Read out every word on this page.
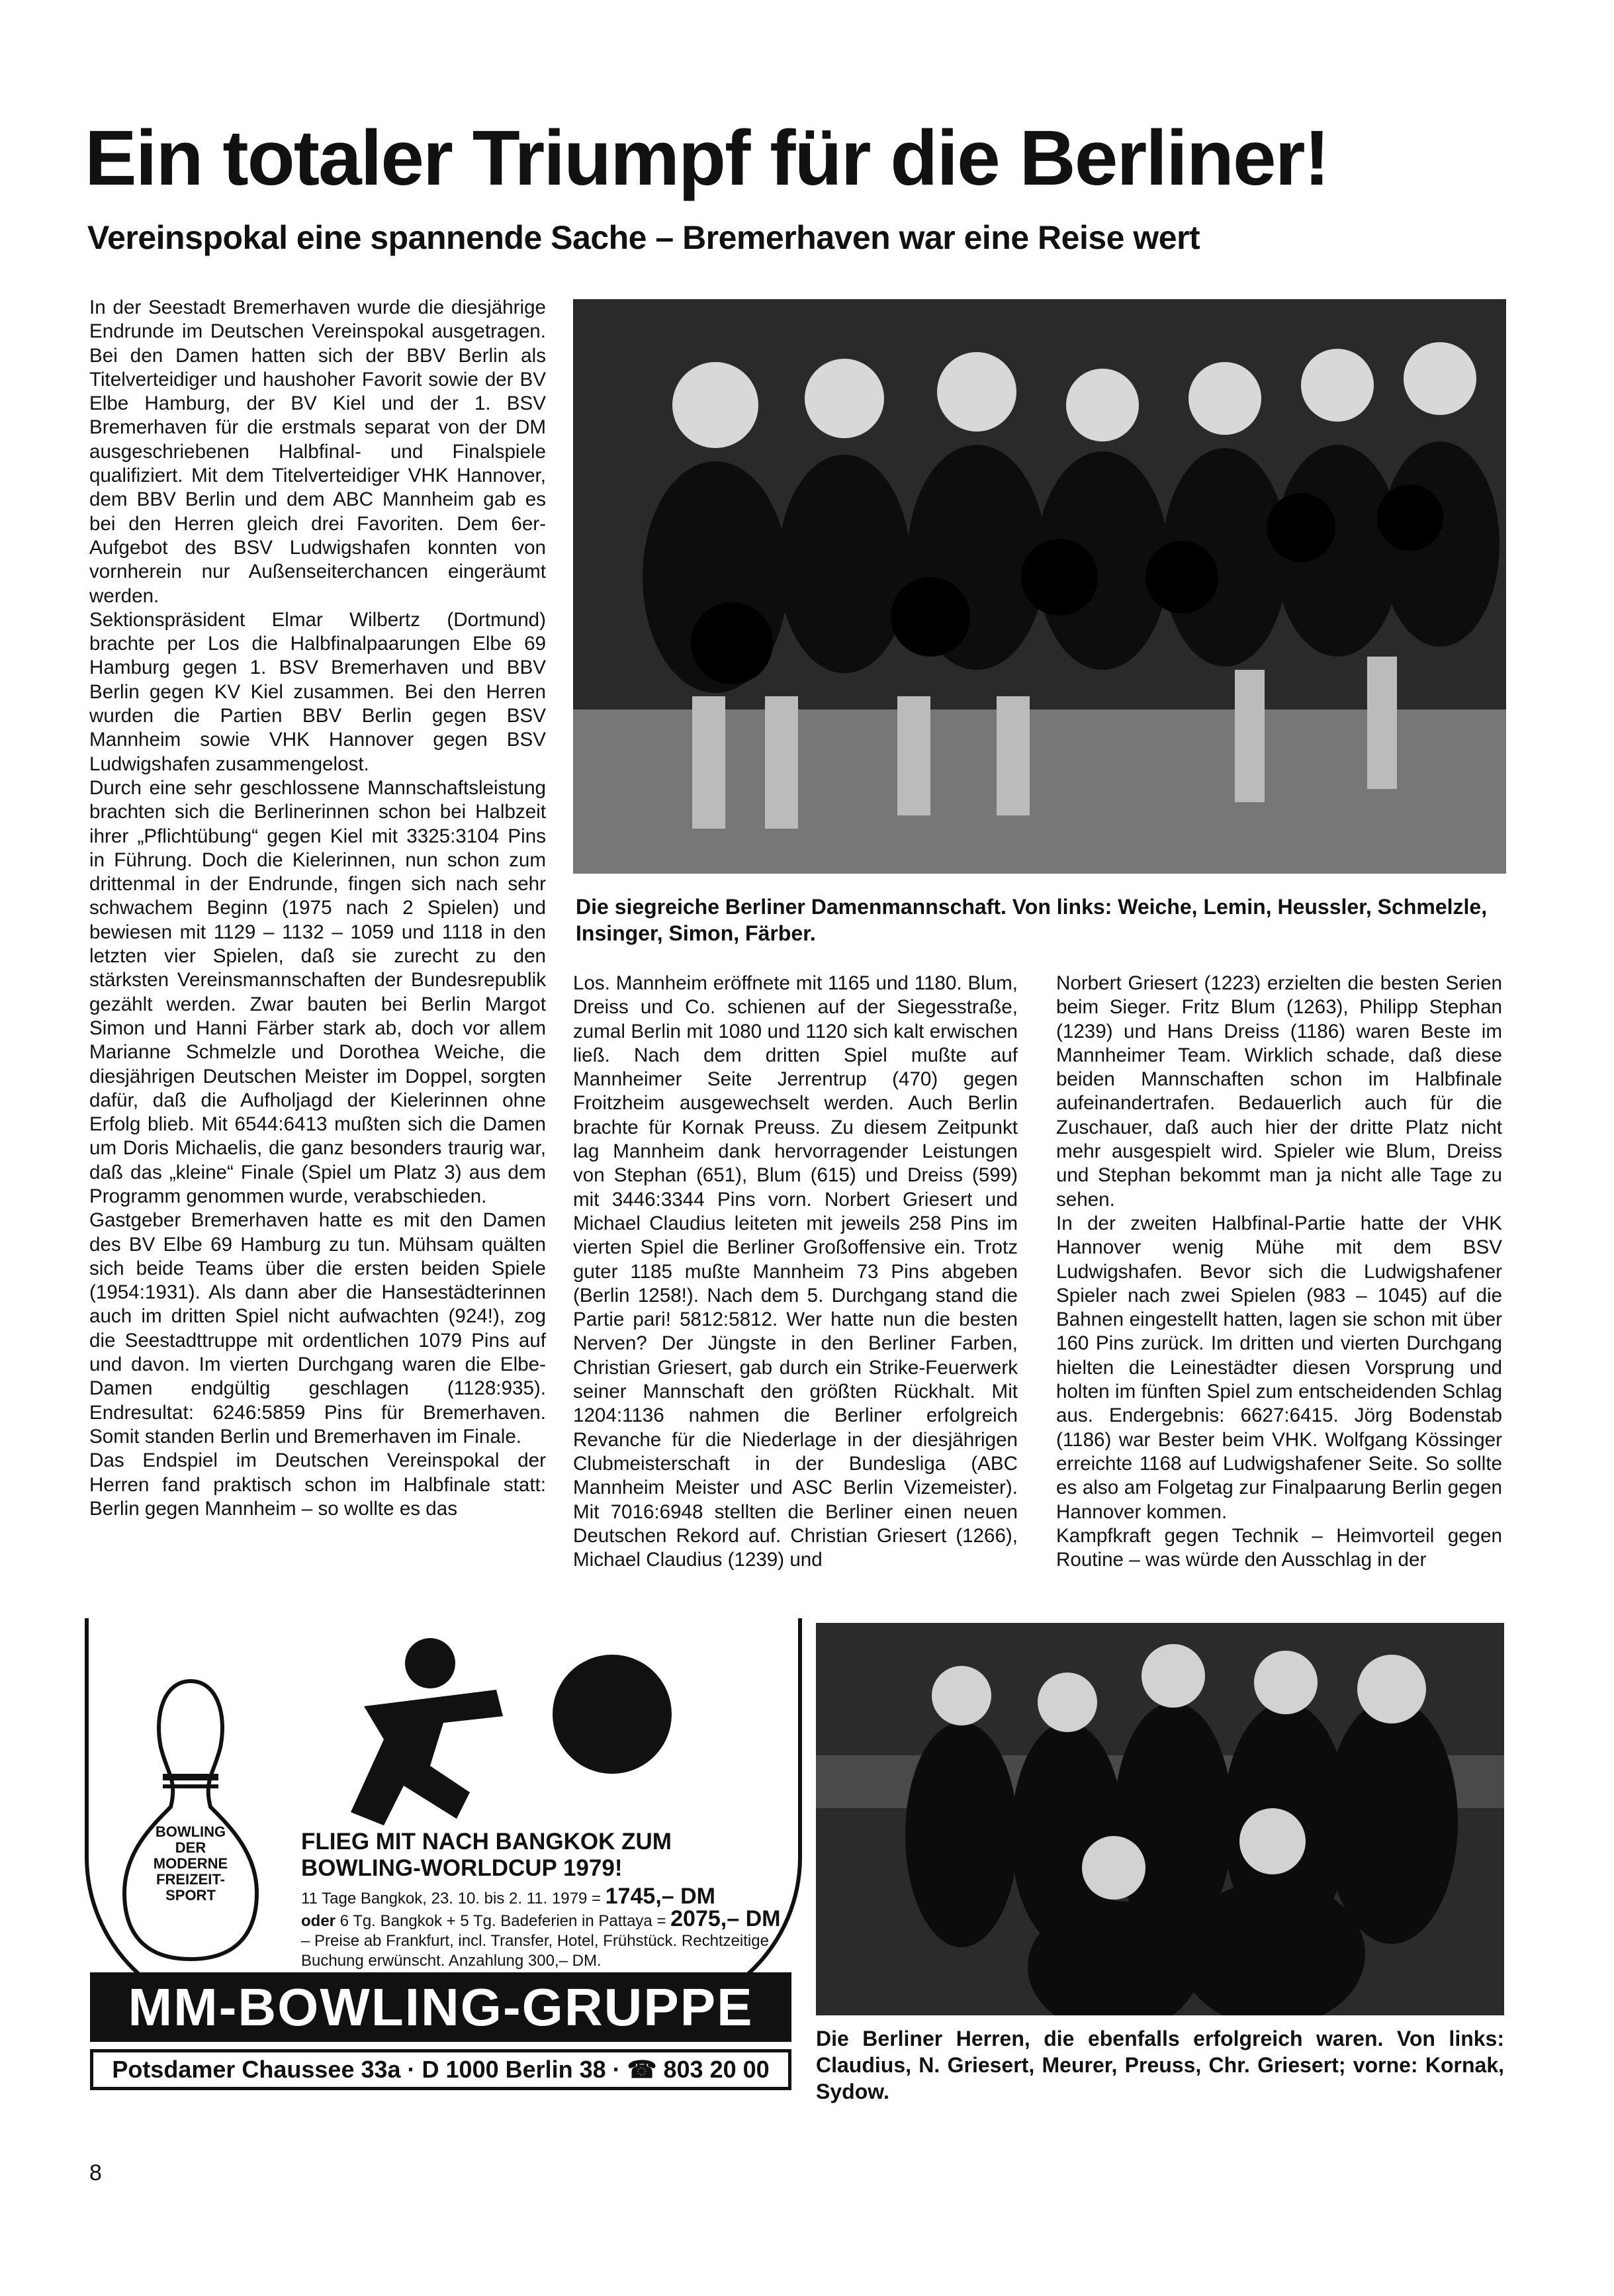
Ein totaler Triumpf für die Berliner!
Vereinspokal eine spannende Sache – Bremerhaven war eine Reise wert

In der Seestadt Bremerhaven wurde die diesjährige Endrunde im Deutschen Vereinspokal ausgetragen. Bei den Damen hatten sich der BBV Berlin als Titelverteidiger und haushoher Favorit sowie der BV Elbe Hamburg, der BV Kiel und der 1. BSV Bremerhaven für die erstmals separat von der DM ausgeschriebenen Halbfinal- und Finalspiele qualifiziert. Mit dem Titelverteidiger VHK Hannover, dem BBV Berlin und dem ABC Mannheim gab es bei den Herren gleich drei Favoriten. Dem 6er-Aufgebot des BSV Ludwigshafen konnten von vornherein nur Außenseiterchancen eingeräumt werden.

Sektionspräsident Elmar Wilbertz (Dortmund) brachte per Los die Halbfinalpaarungen Elbe 69 Hamburg gegen 1. BSV Bremerhaven und BBV Berlin gegen KV Kiel zusammen. Bei den Herren wurden die Partien BBV Berlin gegen BSV Mannheim sowie VHK Hannover gegen BSV Ludwigshafen zusammengelost.

Durch eine sehr geschlossene Mannschaftsleistung brachten sich die Berlinerinnen schon bei Halbzeit ihrer „Pflichtübung“ gegen Kiel mit 3325:3104 Pins in Führung. Doch die Kielerinnen, nun schon zum drittenmal in der Endrunde, fingen sich nach sehr schwachem Beginn (1975 nach 2 Spielen) und bewiesen mit 1129 – 1132 – 1059 und 1118 in den letzten vier Spielen, daß sie zurecht zu den stärksten Vereinsmannschaften der Bundesrepublik gezählt werden. Zwar bauten bei Berlin Margot Simon und Hanni Färber stark ab, doch vor allem Marianne Schmelzle und Dorothea Weiche, die diesjährigen Deutschen Meister im Doppel, sorgten dafür, daß die Aufholjagd der Kielerinnen ohne Erfolg blieb. Mit 6544:6413 mußten sich die Damen um Doris Michaelis, die ganz besonders traurig war, daß das „kleine“ Finale (Spiel um Platz 3) aus dem Programm genommen wurde, verabschieden.

Gastgeber Bremerhaven hatte es mit den Damen des BV Elbe 69 Hamburg zu tun. Mühsam quälten sich beide Teams über die ersten beiden Spiele (1954:1931). Als dann aber die Hansestädterinnen auch im dritten Spiel nicht aufwachten (924!), zog die Seestadttruppe mit ordentlichen 1079 Pins auf und davon. Im vierten Durchgang waren die Elbe-Damen endgültig geschlagen (1128:935). Endresultat: 6246:5859 Pins für Bremerhaven. Somit standen Berlin und Bremerhaven im Finale.

Das Endspiel im Deutschen Vereinspokal der Herren fand praktisch schon im Halbfinale statt: Berlin gegen Mannheim – so wollte es das

Die siegreiche Berliner Damenmannschaft. Von links: Weiche, Lemin, Heussler, Schmelzle, Insinger, Simon, Färber.

Los. Mannheim eröffnete mit 1165 und 1180. Blum, Dreiss und Co. schienen auf der Siegesstraße, zumal Berlin mit 1080 und 1120 sich kalt erwischen ließ. Nach dem dritten Spiel mußte auf Mannheimer Seite Jerrentrup (470) gegen Froitzheim ausgewechselt werden. Auch Berlin brachte für Kornak Preuss. Zu diesem Zeitpunkt lag Mannheim dank hervorragender Leistungen von Stephan (651), Blum (615) und Dreiss (599) mit 3446:3344 Pins vorn. Norbert Griesert und Michael Claudius leiteten mit jeweils 258 Pins im vierten Spiel die Berliner Großoffensive ein. Trotz guter 1185 mußte Mannheim 73 Pins abgeben (Berlin 1258!). Nach dem 5. Durchgang stand die Partie pari! 5812:5812. Wer hatte nun die besten Nerven? Der Jüngste in den Berliner Farben, Christian Griesert, gab durch ein Strike-Feuerwerk seiner Mannschaft den größten Rückhalt. Mit 1204:1136 nahmen die Berliner erfolgreich Revanche für die Niederlage in der diesjährigen Clubmeisterschaft in der Bundesliga (ABC Mannheim Meister und ASC Berlin Vizemeister). Mit 7016:6948 stellten die Berliner einen neuen Deutschen Rekord auf. Christian Griesert (1266), Michael Claudius (1239) und

Norbert Griesert (1223) erzielten die besten Serien beim Sieger. Fritz Blum (1263), Philipp Stephan (1239) und Hans Dreiss (1186) waren Beste im Mannheimer Team. Wirklich schade, daß diese beiden Mannschaften schon im Halbfinale aufeinandertrafen. Bedauerlich auch für die Zuschauer, daß auch hier der dritte Platz nicht mehr ausgespielt wird. Spieler wie Blum, Dreiss und Stephan bekommt man ja nicht alle Tage zu sehen.

In der zweiten Halbfinal-Partie hatte der VHK Hannover wenig Mühe mit dem BSV Ludwigshafen. Bevor sich die Ludwigshafener Spieler nach zwei Spielen (983 – 1045) auf die Bahnen eingestellt hatten, lagen sie schon mit über 160 Pins zurück. Im dritten und vierten Durchgang hielten die Leinestädter diesen Vorsprung und holten im fünften Spiel zum entscheidenden Schlag aus. Endergebnis: 6627:6415. Jörg Bodenstab (1186) war Bester beim VHK. Wolfgang Kössinger erreichte 1168 auf Ludwigshafener Seite. So sollte es also am Folgetag zur Finalpaarung Berlin gegen Hannover kommen.

Kampfkraft gegen Technik – Heimvorteil gegen Routine – was würde den Ausschlag in der

BOWLING
DER
MODERNE
FREIZEIT-
SPORT

FLIEG MIT NACH BANGKOK ZUM
BOWLING-WORLDCUP 1979!

11 Tage Bangkok, 23. 10. bis 2. 11. 1979 = 1745,– DM
oder 6 Tg. Bangkok + 5 Tg. Badeferien in Pattaya = 2075,– DM – Preise ab Frankfurt, incl. Transfer, Hotel, Frühstück. Rechtzeitige Buchung erwünscht. Anzahlung 300,– DM.

MM-BOWLING-GRUPPE
Potsdamer Chaussee 33a · D 1000 Berlin 38 · ☎ 803 20 00

Die Berliner Herren, die ebenfalls erfolgreich waren. Von links: Claudius, N. Griesert, Meurer, Preuss, Chr. Griesert; vorne: Kornak, Sydow.

8
